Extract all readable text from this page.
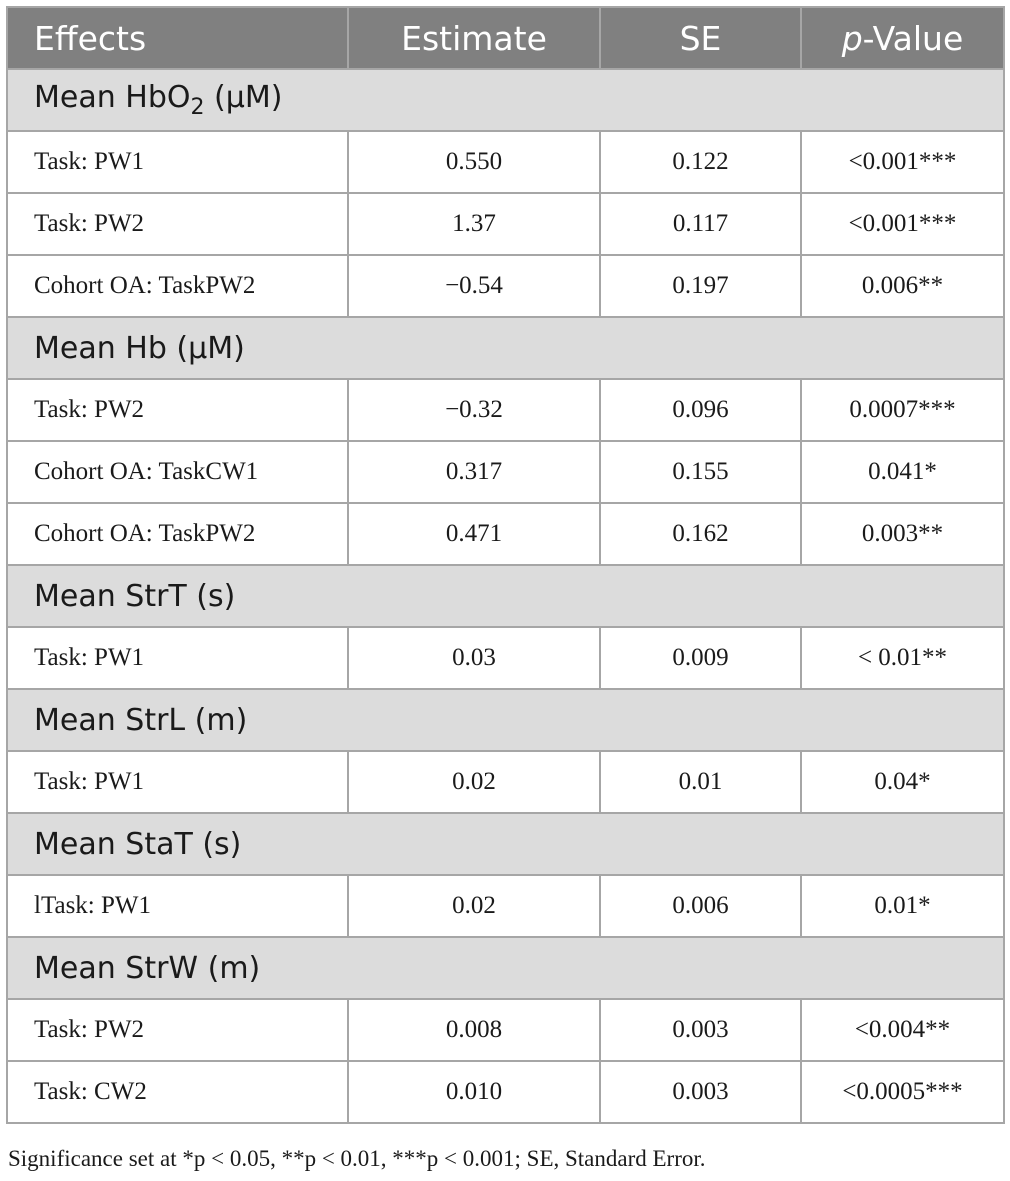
Effects	Estimate	SE	p-Value
Mean HbO$_2$ (μM)			
Task: PW1	0.550	0.122	<0.001***
Task: PW2	1.37	0.117	<0.001***
Cohort OA: TaskPW2	−0.54	0.197	0.006**
Mean Hb (μM)			
Task: PW2	−0.32	0.096	0.0007***
Cohort OA: TaskCW1	0.317	0.155	0.041*
Cohort OA: TaskPW2	0.471	0.162	0.003**
Mean StrT (s)			
Task: PW1	0.03	0.009	< 0.01**
Mean StrL (m)			
Task: PW1	0.02	0.01	0.04*
Mean StaT (s)			
lTask: PW1	0.02	0.006	0.01*
Mean StrW (m)			
Task: PW2	0.008	0.003	<0.004**
Task: CW2	0.010	0.003	<0.0005***
Significance set at *p < 0.05, **p < 0.01, ***p < 0.001; SE, Standard Error.
